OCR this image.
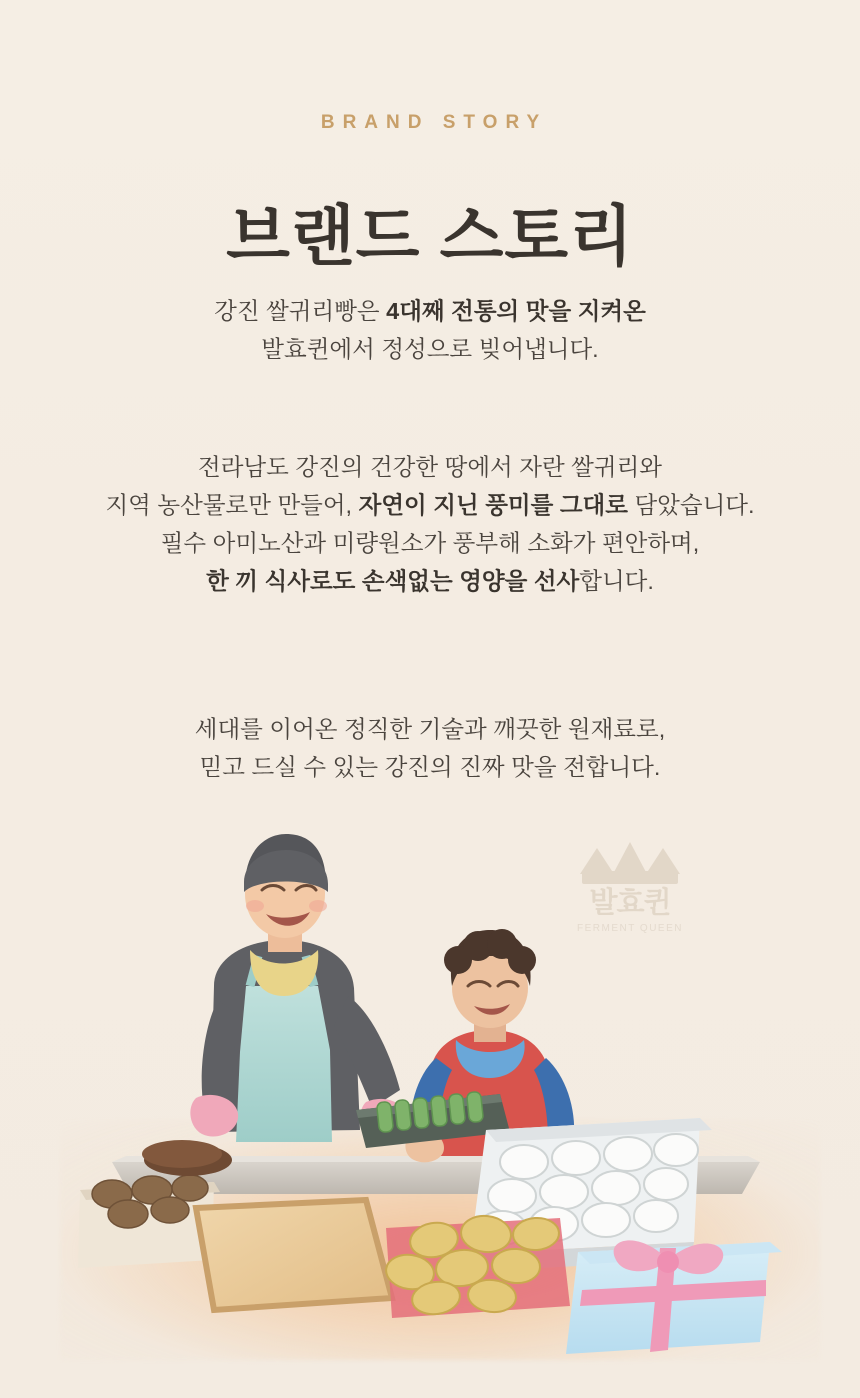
BRAND STORY
브랜드 스토리
강진 쌀귀리빵은 4대째 전통의 맛을 지켜온
발효퀸에서 정성으로 빚어냅니다.
전라남도 강진의 건강한 땅에서 자란 쌀귀리와
지역 농산물로만 만들어, 자연이 지닌 풍미를 그대로 담았습니다.
필수 아미노산과 미량원소가 풍부해 소화가 편안하며,
한 끼 식사로도 손색없는 영양을 선사합니다.
세대를 이어온 정직한 기술과 깨끗한 원재료로,
믿고 드실 수 있는 강진의 진짜 맛을 전합니다.
발효퀸
FERMENT QUEEN
